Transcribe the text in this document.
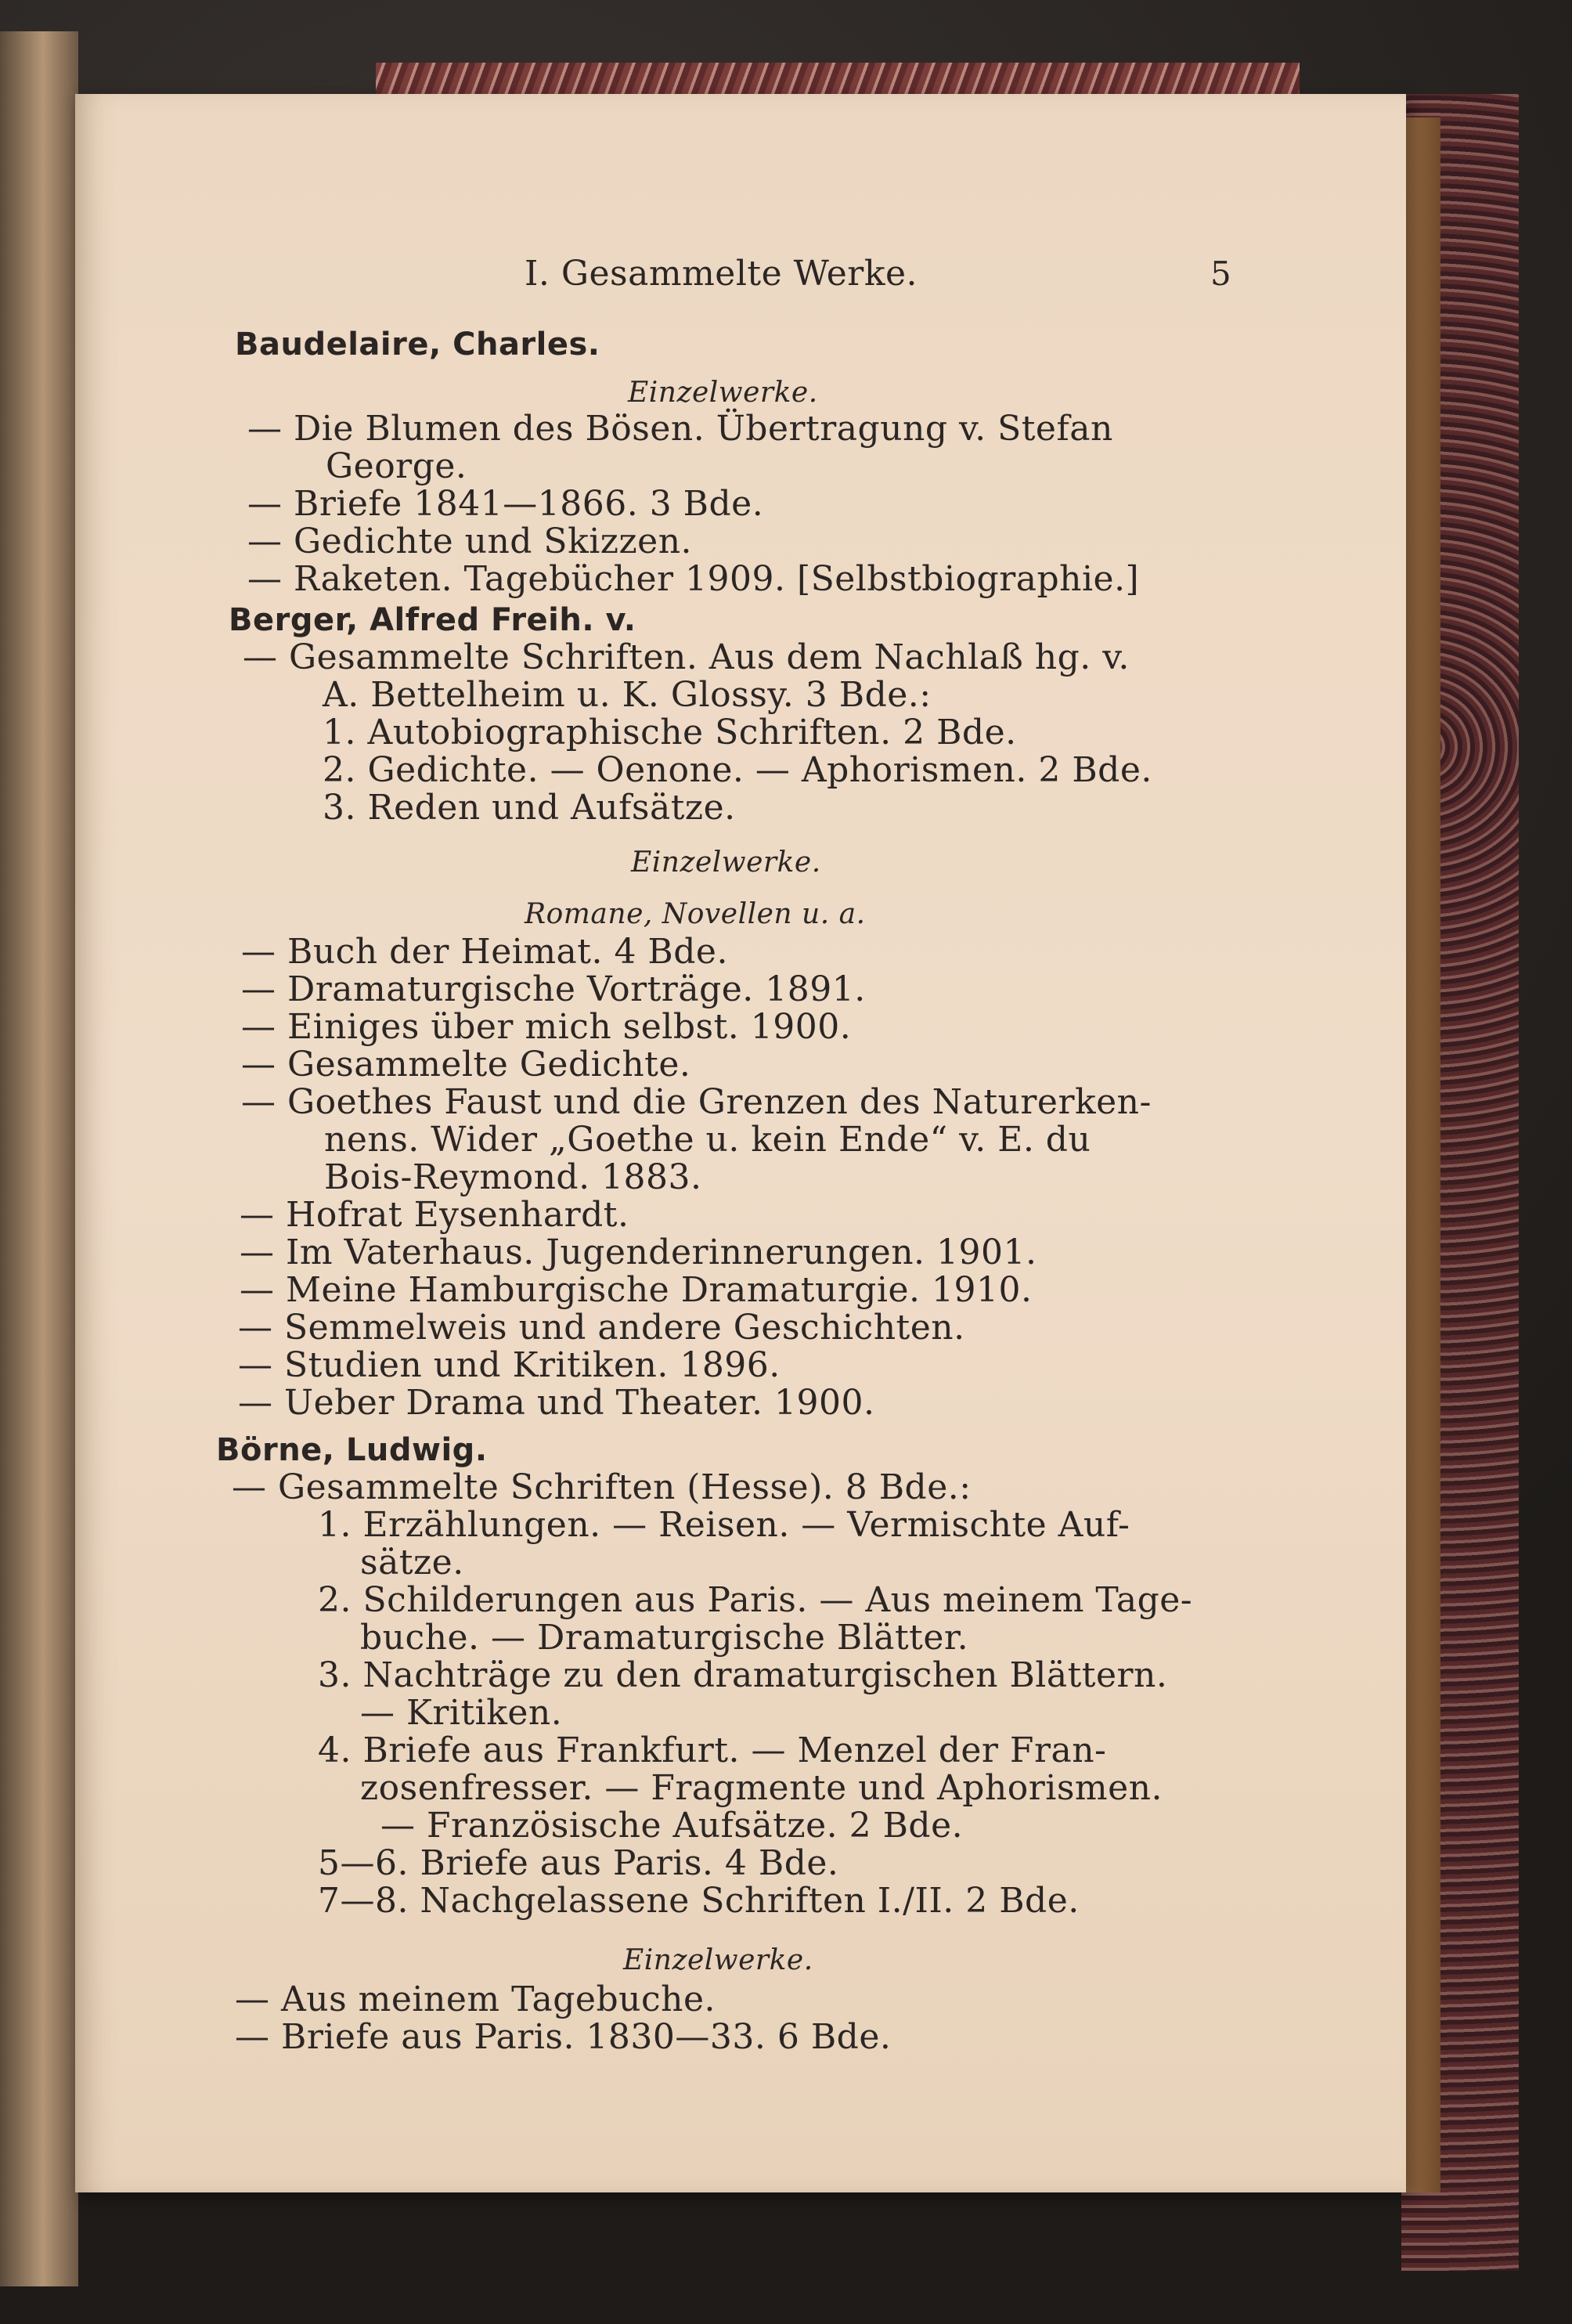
I. Gesammelte Werke.	5
Baudelaire, Charles.
Einzelwerke.
— Die Blumen des Bösen. Übertragung v. Stefan
George.
— Briefe 1841—1866. 3 Bde.
— Gedichte und Skizzen.
— Raketen. Tagebücher 1909. [Selbstbiographie.]
Berger, Alfred Freih. v.
— Gesammelte Schriften. Aus dem Nachlaß hg. v.
A. Bettelheim u. K. Glossy. 3 Bde.:
1. Autobiographische Schriften. 2 Bde.
2. Gedichte. — Oenone. — Aphorismen. 2 Bde.
3. Reden und Aufsätze.
Einzelwerke.
Romane, Novellen u. a.
— Buch der Heimat. 4 Bde.
— Dramaturgische Vorträge. 1891.
— Einiges über mich selbst. 1900.
— Gesammelte Gedichte.
— Goethes Faust und die Grenzen des Naturerken-
nens. Wider „Goethe u. kein Ende“ v. E. du
Bois-Reymond. 1883.
— Hofrat Eysenhardt.
— Im Vaterhaus. Jugenderinnerungen. 1901.
— Meine Hamburgische Dramaturgie. 1910.
— Semmelweis und andere Geschichten.
— Studien und Kritiken. 1896.
— Ueber Drama und Theater. 1900.
Börne, Ludwig.
— Gesammelte Schriften (Hesse). 8 Bde.:
1. Erzählungen. — Reisen. — Vermischte Auf-
sätze.
2. Schilderungen aus Paris. — Aus meinem Tage-
buche. — Dramaturgische Blätter.
3. Nachträge zu den dramaturgischen Blättern.
— Kritiken.
4. Briefe aus Frankfurt. — Menzel der Fran-
zosenfresser. — Fragmente und Aphorismen.
— Französische Aufsätze. 2 Bde.
5—6. Briefe aus Paris. 4 Bde.
7—8. Nachgelassene Schriften I./II. 2 Bde.
Einzelwerke.
— Aus meinem Tagebuche.
— Briefe aus Paris. 1830—33. 6 Bde.
